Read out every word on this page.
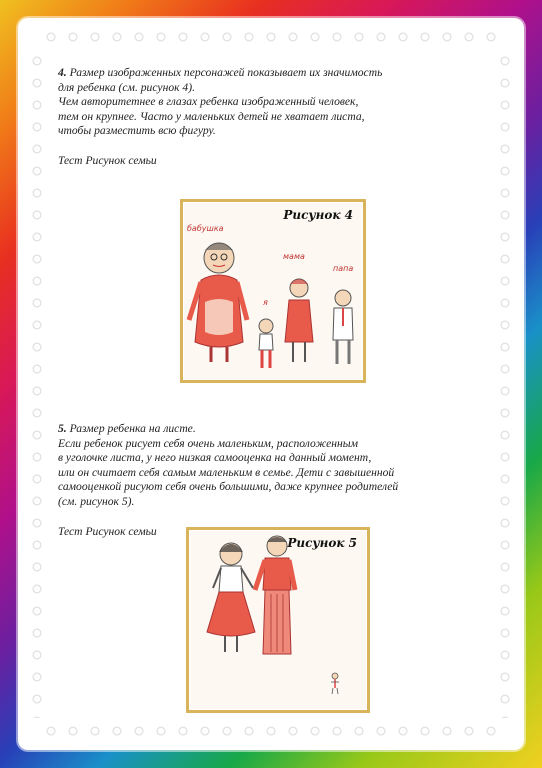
4. Размер изображенных персонажей показывает их значимость

для ребенка (см. рисунок 4).

Чем авторитетнее в глазах ребенка изображенный человек,

тем он крупнее. Часто у маленьких детей не хватает листа,

чтобы разместить всю фигуру.

Тест Рисунок семьи

Рисунок 4
бабушка
мама
папа
я

5. Размер ребенка на листе.

Если ребенок рисует себя очень маленьким, расположенным

в уголочке листа, у него низкая самооценка на данный момент,

или он считает себя самым маленьким в семье. Дети с завышенной

самооценкой рисуют себя очень большими, даже крупнее родителей

(см. рисунок 5).

Тест Рисунок семьи

Рисунок 5
